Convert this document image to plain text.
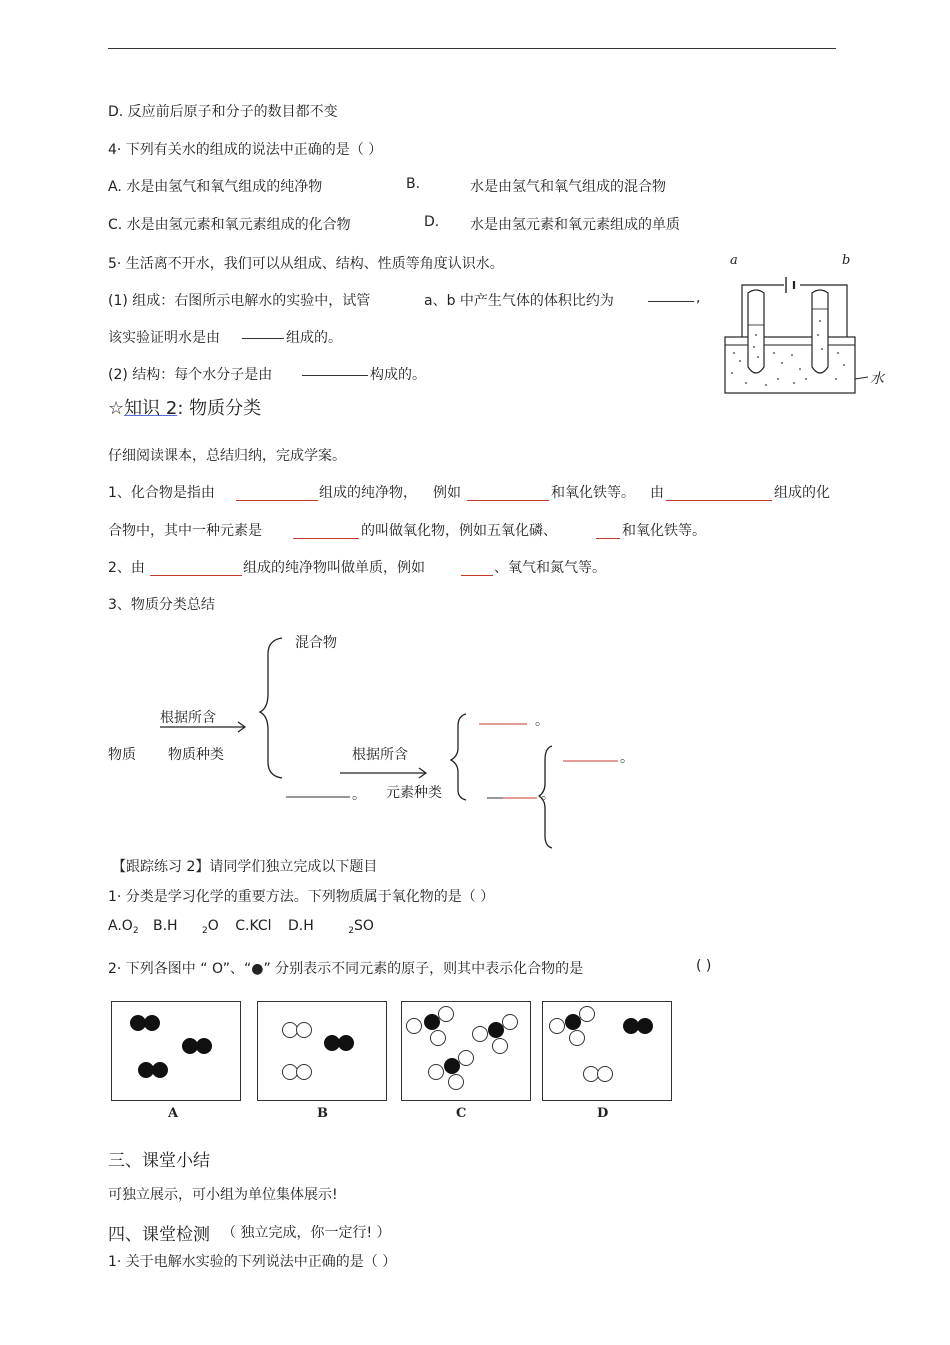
D. 反应前后原子和分子的数目都不变
4· 下列有关水的组成的说法中正确的是（ ）
A. 水是由氢气和氧气组成的纯净物	B.	水是由氢气和氧气组成的混合物
C. 水是由氢元素和氧元素组成的化合物	D. 水是由氢元素和氧元素组成的单质
5· 生活离不开水，我们可以从组成、结构、性质等角度认识水。
(1) 组成：右图所示电解水的实验中，试管	a、b 中产生气体的体积比约为	,
该实验证明水是由	组成的。
(2) 结构：每个水分子是由	构成的。
a	b
水
☆知识 2: 物质分类
仔细阅读课本，总结归纳，完成学案。
1、化合物是指由	组成的纯净物， 例如	和氧化铁等。 由	组成的化
合物中，其中一种元素是	的叫做氧化物，例如五氧化磷、	和氧化铁等。
2、由	组成的纯净物叫做单质，例如	、氧气和氮气等。
3、物质分类总结
混合物
根据所含
物质 物质种类	根据所含
元素种类
。
。
。
。
【跟踪练习 2】请同学们独立完成以下题目
1· 分类是学习化学的重要方法。下列物质属于氧化物的是（ ）
$A.O_2$ B.H	$_2$O C.KCl D.H	$_2$SO
2· 下列各图中 “ O”、“●” 分别表示不同元素的原子，则其中表示化合物的是	( )
A	B	C	D
三、课堂小结
可独立展示，可小组为单位集体展示!
四、课堂检测 （ 独立完成，你一定行! ）
1· 关于电解水实验的下列说法中正确的是（ ）
